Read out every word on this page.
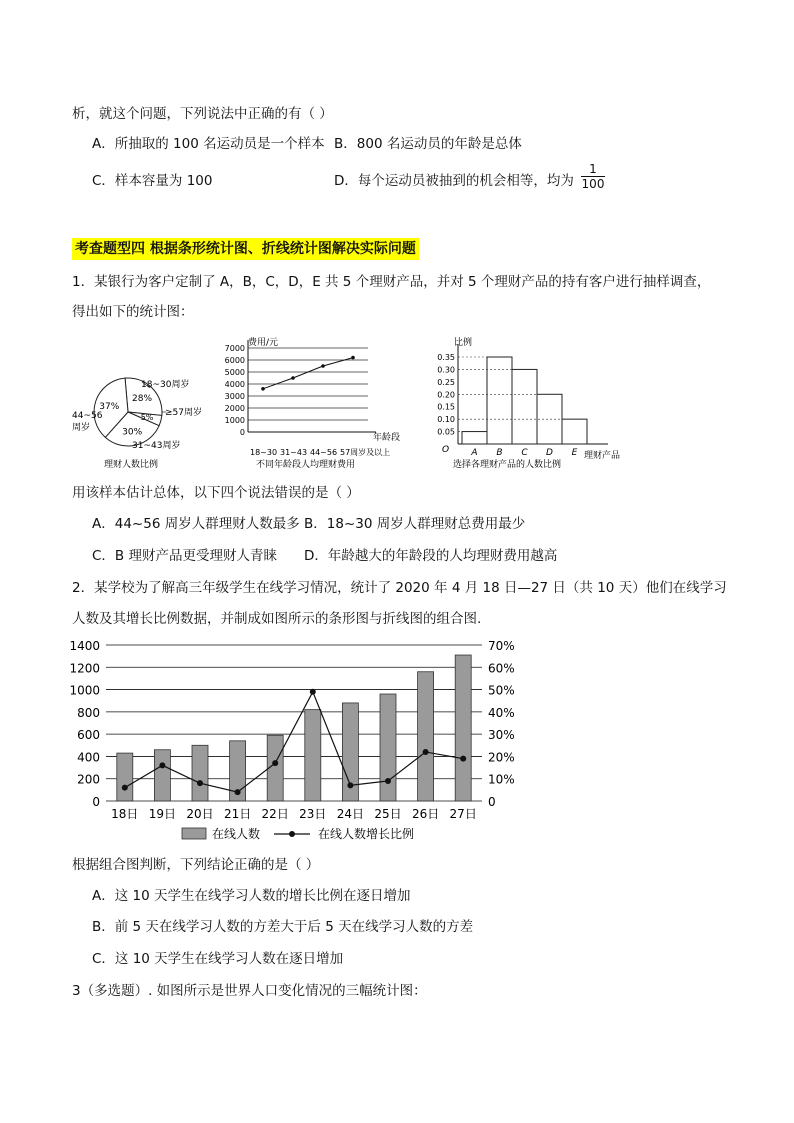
析，就这个问题，下列说法中正确的有（ ）
A．所抽取的 100 名运动员是一个样本 B．800 名运动员的年龄是总体
C．样本容量为 100	D．每个运动员被抽到的机会相等，均为 $\frac{1}{100}$
考查题型四 根据条形统计图、折线统计图解决实际问题
1．某银行为客户定制了 A，B，C，D，E 共 5 个理财产品，并对 5 个理财产品的持有客户进行抽样调查，
得出如下的统计图：
28%
5%
30%
37%
18~30周岁
44~56
周岁
≥57周岁
31~43周岁
理财人数比例
0
1000
2000
3000
4000
5000
6000
7000
18~30 31~43 44~56 57周岁及以上
费用/元
年龄段
不同年龄段人均理财费用
A B C D E
0.05
0.10
0.15
0.20
0.25
0.30
0.35
比例
理财产品
O
选择各理财产品的人数比例
用该样本估计总体，以下四个说法错误的是（ ）
A．44~56 周岁人群理财人数最多 B．18~30 周岁人群理财总费用最少
C．B 理财产品更受理财人青睐 D．年龄越大的年龄段的人均理财费用越高
2．某学校为了解高三年级学生在线学习情况，统计了 2020 年 4 月 18 日—27 日（共 10 天）他们在线学习
人数及其增长比例数据，并制成如图所示的条形图与折线图的组合图.
0	0
200	10%
400	20%
600	30%
800	40%
1000	50%
1200	60%
1400	70%
18日 19日 20日 21日 22日 23日 24日 25日 26日 27日
在线人数	在线人数增长比例
根据组合图判断，下列结论正确的是（ ）
A．这 10 天学生在线学习人数的增长比例在逐日增加
B．前 5 天在线学习人数的方差大于后 5 天在线学习人数的方差
C．这 10 天学生在线学习人数在逐日增加
3（多选题）. 如图所示是世界人口变化情况的三幅统计图：
